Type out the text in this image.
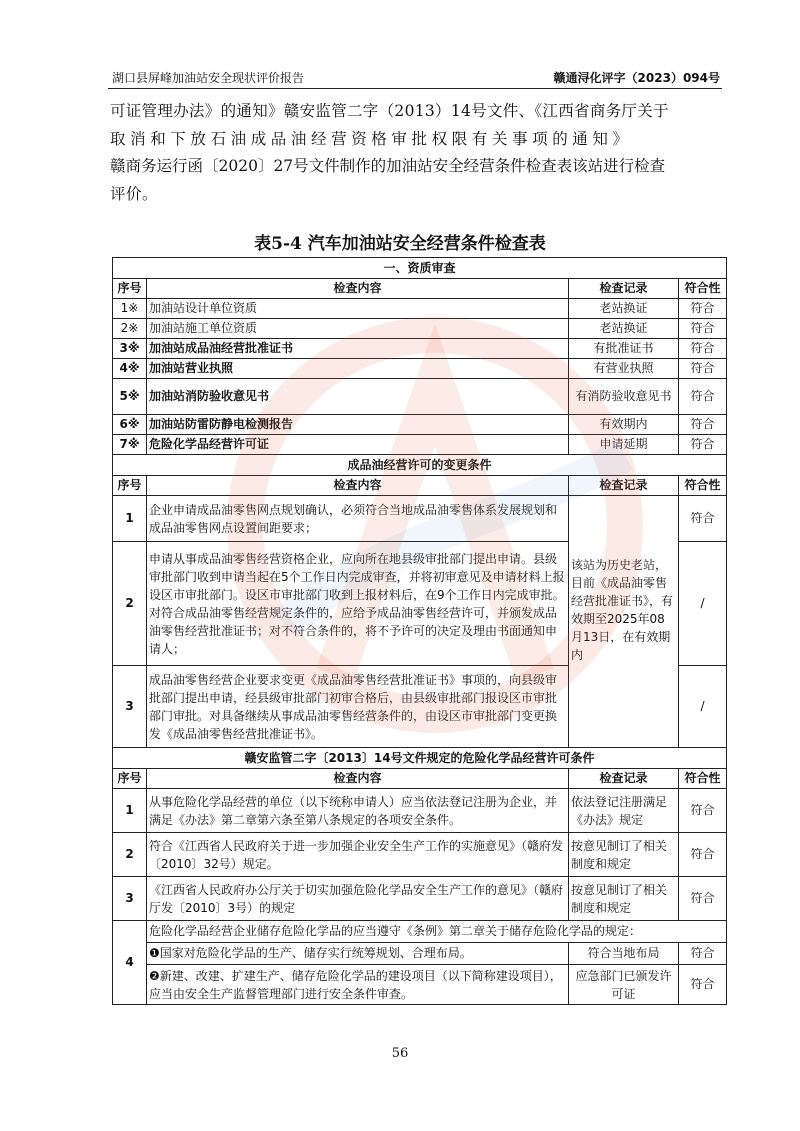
湖口县屏峰加油站安全现状评价报告	赣通浔化评字（2023）094号

可证管理办法》的通知》赣安监管二字（2013）14号文件、《江西省商务厅关于

取消和下放石油成品油经营资格审批权限有关事项的通知》

赣商务运行函〔2020〕27号文件制作的加油站安全经营条件检查表该站进行检查

评价。

表5-4 汽车加油站安全经营条件检查表
一、资质审查			
序号	检查内容	检查记录	符合性
1※	加油站设计单位资质	老站换证	符合
2※	加油站施工单位资质	老站换证	符合
3※	加油站成品油经营批准证书	有批准证书	符合
4※	加油站营业执照	有营业执照	符合
5※	加油站消防验收意见书	有消防验收意见书	符合
6※	加油站防雷防静电检测报告	有效期内	符合
7※	危险化学品经营许可证	申请延期	符合
成品油经营许可的变更条件			
序号	检查内容	检查记录	符合性
1	企业申请成品油零售网点规划确认，必须符合当地成品油零售体系发展规划和成品油零售网点设置间距要求；	该站为历史老站，目前《成品油零售经营批准证书》，有效期至2025年08月13日，在有效期内	符合
2	申请从事成品油零售经营资格企业，应向所在地县级审批部门提出申请。县级审批部门收到申请当起在5个工作日内完成审查，并将初审意见及申请材料上报设区市审批部门。设区市审批部门收到上报材料后，在9个工作日内完成审批。对符合成品油零售经营规定条件的，应给予成品油零售经营许可，并颁发成品油零售经营批准证书；对不符合条件的，将不予许可的决定及理由书面通知申请人；		/
3	成品油零售经营企业要求变更《成品油零售经营批准证书》事项的，向县级审批部门提出申请，经县级审批部门初审合格后，由县级审批部门报设区市审批部门审批。对具备继续从事成品油零售经营条件的，由设区市审批部门变更换发《成品油零售经营批准证书》。		/
赣安监管二字〔2013〕14号文件规定的危险化学品经营许可条件			
序号	检查内容	检查记录	符合性
1	从事危险化学品经营的单位（以下统称申请人）应当依法登记注册为企业，并满足《办法》第二章第六条至第八条规定的各项安全条件。	依法登记注册满足《办法》规定	符合
2	符合《江西省人民政府关于进一步加强企业安全生产工作的实施意见》（赣府发〔2010〕32号）规定。	按意见制订了相关制度和规定	符合
3	《江西省人民政府办公厅关于切实加强危险化学品安全生产工作的意见》（赣府厅发〔2010〕3号）的规定	按意见制订了相关制度和规定	符合
4	危险化学品经营企业储存危险化学品的应当遵守《条例》第二章关于储存危险化学品的规定：		
	❶国家对危险化学品的生产、储存实行统筹规划、合理布局。	符合当地布局	符合
	❷新建、改建、扩建生产、储存危险化学品的建设项目（以下简称建设项目），应当由安全生产监督管理部门进行安全条件审查。	应急部门已颁发许可证	符合
56
